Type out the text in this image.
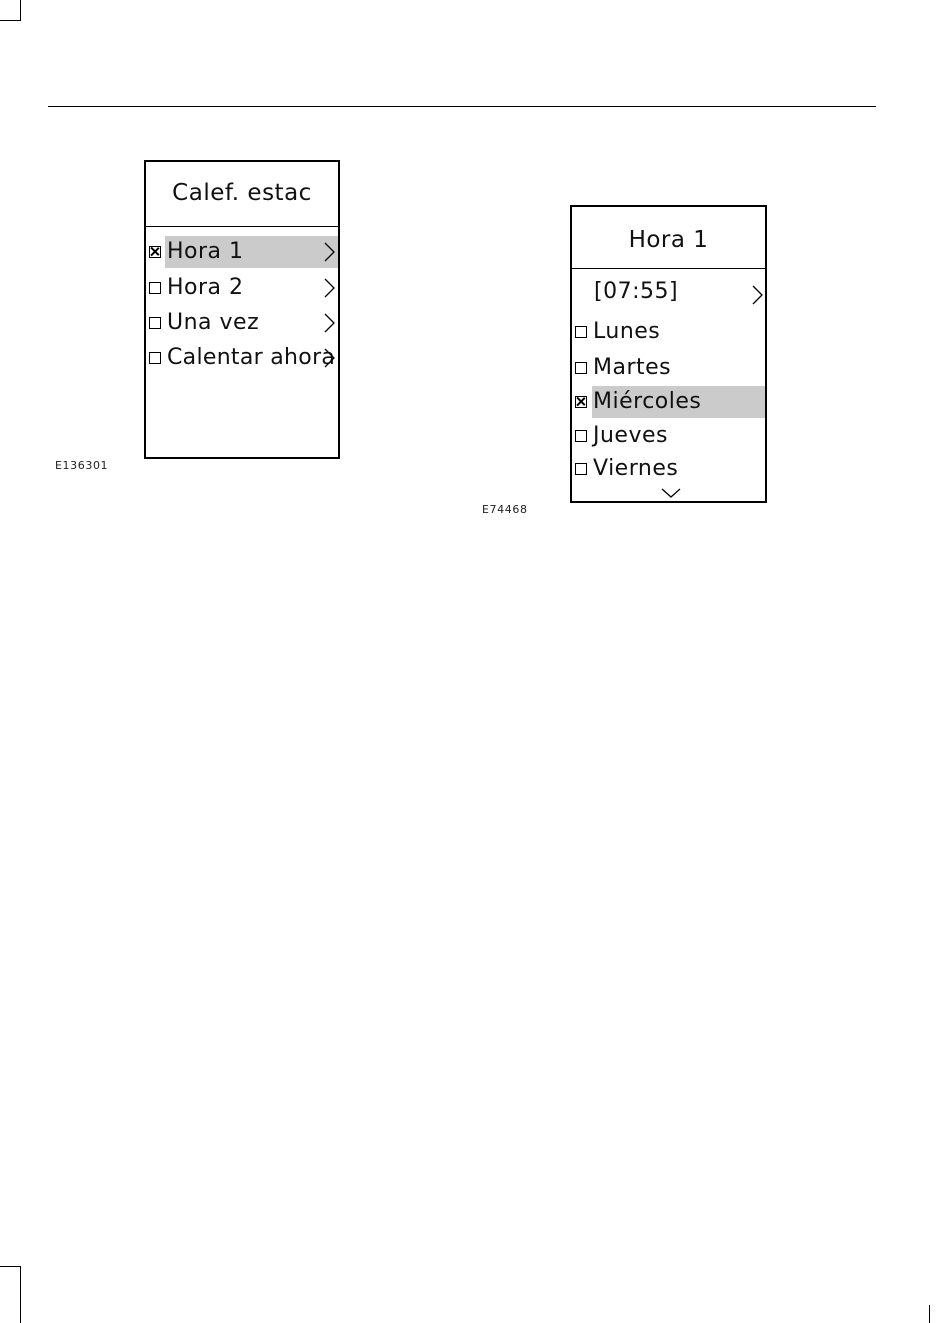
Calef. estac
Hora 1
Hora 2
Una vez
Calentar ahora
E136301
Hora 1
[07:55]
Lunes
Martes
Miércoles
Jueves
Viernes
E74468
